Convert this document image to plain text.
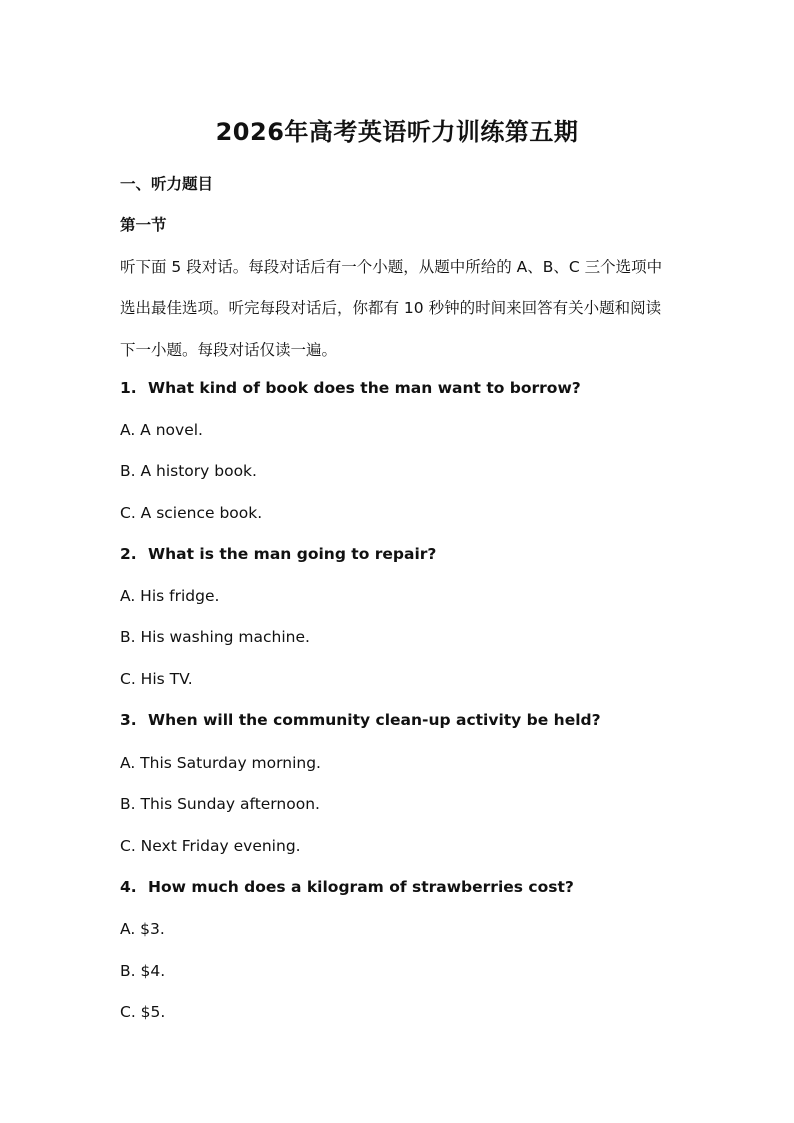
2026年高考英语听力训练第五期
一、听力题目
第一节
听下面 5 段对话。每段对话后有一个小题，从题中所给的 A、B、C 三个选项中
选出最佳选项。听完每段对话后，你都有 10 秒钟的时间来回答有关小题和阅读
下一小题。每段对话仅读一遍。
1. What kind of book does the man want to borrow?
A. A novel.
B. A history book.
C. A science book.
2. What is the man going to repair?
A. His fridge.
B. His washing machine.
C. His TV.
3. When will the community clean-up activity be held?
A. This Saturday morning.
B. This Sunday afternoon.
C. Next Friday evening.
4. How much does a kilogram of strawberries cost?
A. $3.
B. $4.
C. $5.
